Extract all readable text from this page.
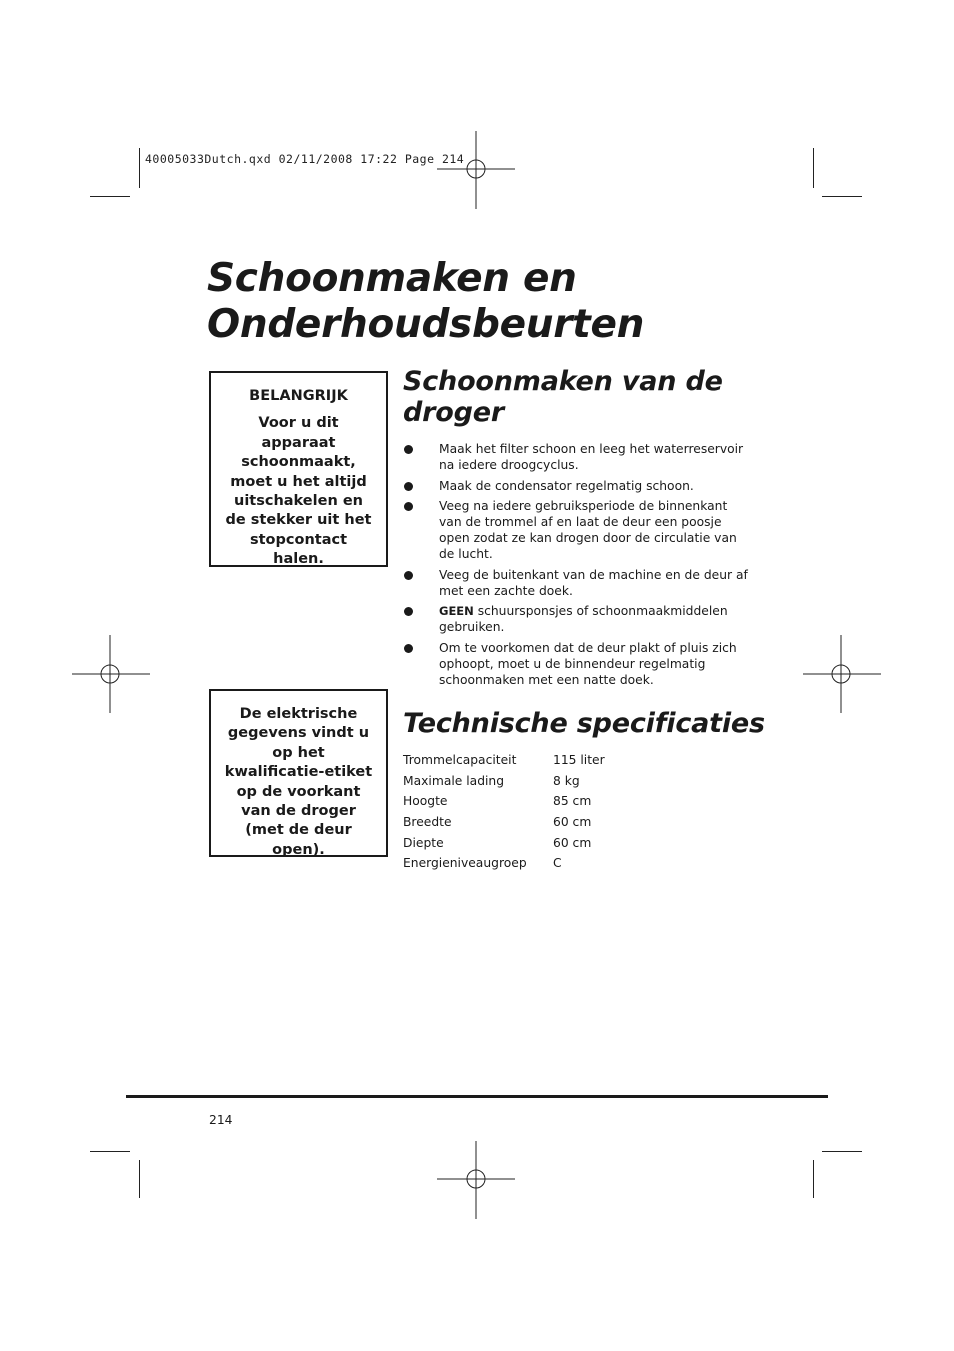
40005033Dutch.qxd 02/11/2008 17:22 Page 214
Schoonmaken en
Onderhoudsbeurten
BELANGRIJK
Voor u dit apparaat schoonmaakt, moet u het altijd uitschakelen en de stekker uit het stopcontact halen.
De elektrische gegevens vindt u op het kwalificatie-etiket op de voorkant van de droger (met de deur open).
Schoonmaken van de droger
Maak het filter schoon en leeg het waterreservoir na iedere droogcyclus.
Maak de condensator regelmatig schoon.
Veeg na iedere gebruiksperiode de binnenkant van de trommel af en laat de deur een poosje open zodat ze kan drogen door de circulatie van de lucht.
Veeg de buitenkant van de machine en de deur af met een zachte doek.
GEEN schuursponsjes of schoonmaakmiddelen gebruiken.
Om te voorkomen dat de deur plakt of pluis zich ophoopt, moet u de binnendeur regelmatig schoonmaken met een natte doek.
Technische specificaties
Trommelcapaciteit	115 liter
Maximale lading	8 kg
Hoogte	85 cm
Breedte	60 cm
Diepte	60 cm
Energieniveaugroep	C
214
